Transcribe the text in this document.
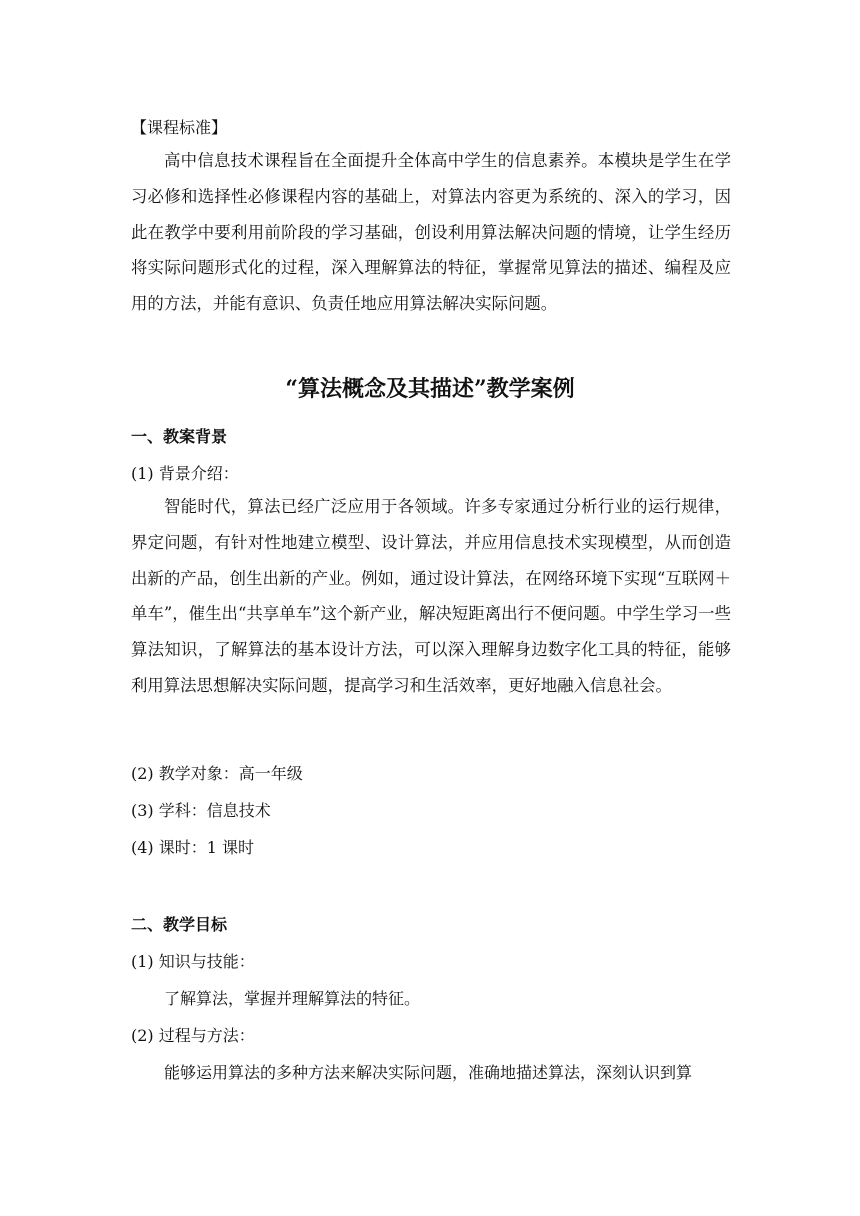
【课程标准】
高中信息技术课程旨在全面提升全体高中学生的信息素养。本模块是学生在学习必修和选择性必修课程内容的基础上，对算法内容更为系统的、深入的学习，因此在教学中要利用前阶段的学习基础，创设利用算法解决问题的情境，让学生经历将实际问题形式化的过程，深入理解算法的特征，掌握常见算法的描述、编程及应用的方法，并能有意识、负责任地应用算法解决实际问题。
“算法概念及其描述”教学案例
一、教案背景
(1) 背景介绍：
智能时代，算法已经广泛应用于各领域。许多专家通过分析行业的运行规律，界定问题，有针对性地建立模型、设计算法，并应用信息技术实现模型，从而创造出新的产品，创生出新的产业。例如，通过设计算法，在网络环境下实现“互联网＋单车”，催生出“共享单车”这个新产业，解决短距离出行不便问题。中学生学习一些算法知识，了解算法的基本设计方法，可以深入理解身边数字化工具的特征，能够利用算法思想解决实际问题，提高学习和生活效率，更好地融入信息社会。
(2) 教学对象：高一年级
(3) 学科：信息技术
(4) 课时：1 课时
二、教学目标
(1) 知识与技能：
了解算法，掌握并理解算法的特征。
(2) 过程与方法：
能够运用算法的多种方法来解决实际问题，准确地描述算法，深刻认识到算
